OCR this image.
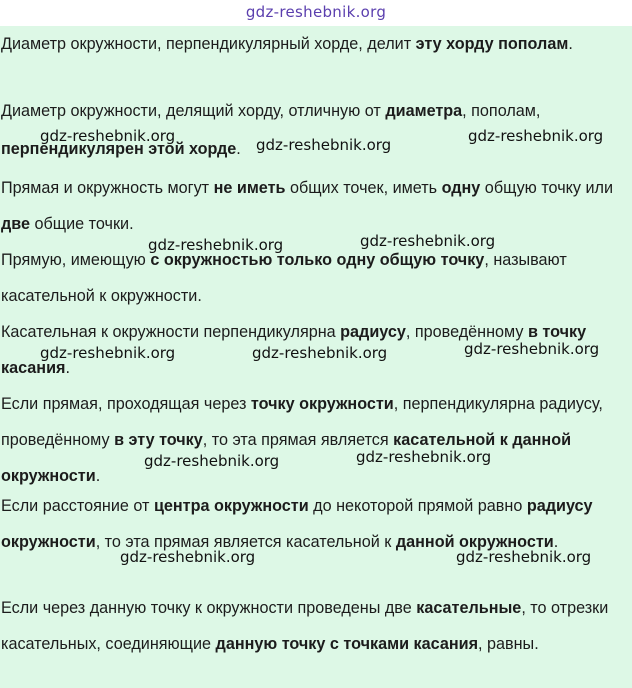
gdz-reshebnik.org

Диаметр окружности, перпендикулярный хорде, делит эту хорду пополам.

Диаметр окружности, делящий хорду, отличную от диаметра, пополам, перпендикулярен этой хорде.

Прямая и окружность могут не иметь общих точек, иметь одну общую точку или две общие точки.

Прямую, имеющую с окружностью только одну общую точку, называют касательной к окружности.

Касательная к окружности перпендикулярна радиусу, проведённому в точку касания.

Если прямая, проходящая через точку окружности, перпендикулярна радиусу, проведённому в эту точку, то эта прямая является касательной к данной окружности.

Если расстояние от центра окружности до некоторой прямой равно радиусу окружности, то эта прямая является касательной к данной окружности.

Если через данную точку к окружности проведены две касательные, то отрезки касательных, соединяющие данную точку с точками касания, равны.

gdz-reshebnik.org	gdz-reshebnik.org	gdz-reshebnik.org
gdz-reshebnik.org	gdz-reshebnik.org
gdz-reshebnik.org	gdz-reshebnik.org	gdz-reshebnik.org
gdz-reshebnik.org	gdz-reshebnik.org
gdz-reshebnik.org	gdz-reshebnik.org
